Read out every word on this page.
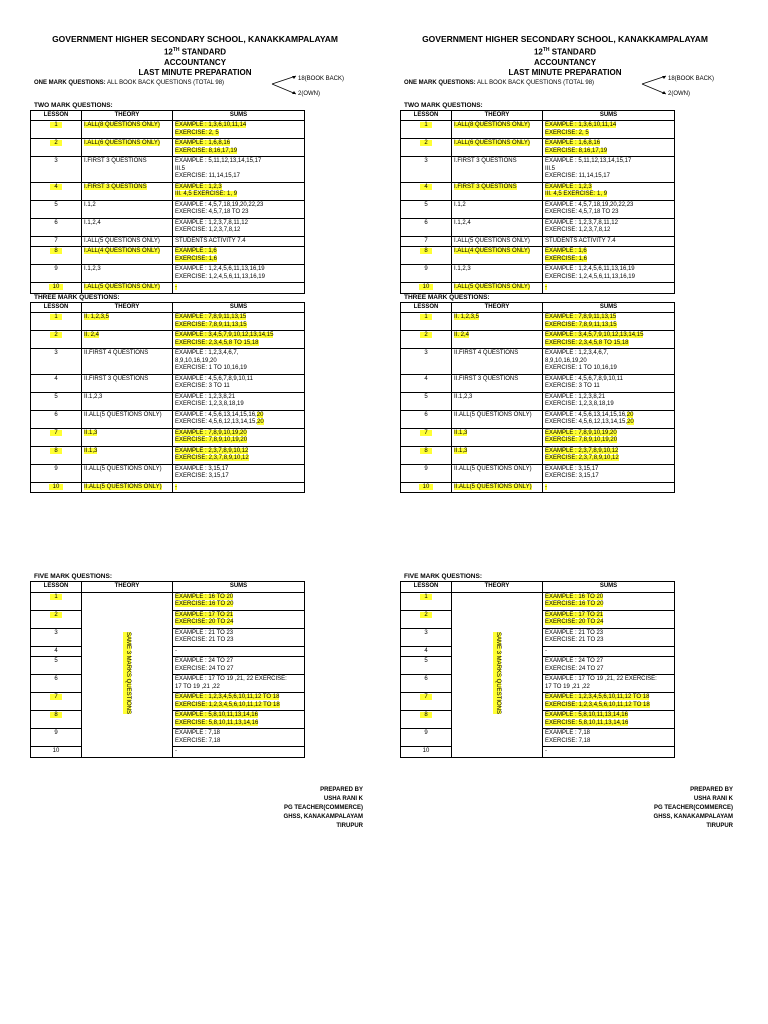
GOVERNMENT HIGHER SECONDARY SCHOOL, KANAKKAMPALAYAM
12TH STANDARD
ACCOUNTANCY
LAST MINUTE PREPARATION
ONE MARK QUESTIONS: ALL BOOK BACK QUESTIONS (TOTAL 98)
18(BOOK BACK)
2(OWN)
TWO MARK QUESTIONS:
LESSON	THEORY	SUMS
1	I.ALL(8 QUESTIONS ONLY)	EXAMPLE : 1,3,6,10,11,14
EXERCISE: 2, 5

2	I.ALL(6 QUESTIONS ONLY)	EXAMPLE : 1,6,8,16
EXERCISE: 8,16,17,19

3	I.FIRST 3 QUESTIONS	EXAMPLE : 5,11,12,13,14,15,17
III.5
EXERCISE: 11,14,15,17

4	I.FIRST 3 QUESTIONS	EXAMPLE : 1,2,3
III. 4,5 EXERCISE: 1, 9

5	I.1,2	EXAMPLE : 4,5,7,18,19,20,22,23
EXERCISE: 4,5,7,18 TO 23

6	I.1,2,4	EXAMPLE : 1,2,3,7,8,11,12
EXERCISE: 1,2,3,7,8,12

7	I.ALL(5 QUESTIONS ONLY)	STUDENTS ACTIVITY 7.4

8	I.ALL(4 QUESTIONS ONLY)	EXAMPLE : 1,6
EXERCISE: 1,6

9	I.1,2,3	EXAMPLE : 1,2,4,5,6,11,13,16,19
EXERCISE: 1,2,4,5,6,11,13,16,19

10	I.ALL(5 QUESTIONS ONLY)	-
THREE MARK QUESTIONS:
LESSON	THEORY	SUMS
1	II. 1,2,3,5	EXAMPLE : 7,8,9,11,13,15
EXERCISE: 7,8,9,11,13,15

2	II. 2,4	EXAMPLE : 3,4,5,7,9,10,12,13,14,15
EXERCISE: 2,3,4,5,8 TO 15,18

3	II.FIRST 4 QUESTIONS	EXAMPLE : 1,2,3,4,6,7,
8,9,10,16,19,20
EXERCISE: 1 TO 10,16,19

4	II.FIRST 3 QUESTIONS	EXAMPLE : 4,5,6,7,8,9,10,11
EXERCISE: 3 TO 11

5	II.1,2,3	EXAMPLE : 1,2,3,8,21
EXERCISE: 1,2,3,8,18,19

6	II.ALL(5 QUESTIONS ONLY)	EXAMPLE : 4,5,6,13,14,15,16,20
EXERCISE: 4,5,6,12,13,14,15,20

7	II.1,3	EXAMPLE : 7,8,9,10,19,20
EXERCISE: 7,8,9,10,19,20

8	II.1,3	EXAMPLE : 2,3,7,8,9,10,12
EXERCISE: 2,3,7,8,9,10,12

9	II.ALL(5 QUESTIONS ONLY)	EXAMPLE : 3,15,17
EXERCISE: 3,15,17

10	II.ALL(5 QUESTIONS ONLY)	-
FIVE MARK QUESTIONS:
LESSON	THEORY	SUMS
1	SAME 3 MARKS QUESTIONS	EXAMPLE : 16 TO 20
EXERCISE: 16 TO 20

2		EXAMPLE : 17 TO 21
EXERCISE: 20 TO 24

3		EXAMPLE : 21 TO 23
EXERCISE: 21 TO 23

4		-

5		EXAMPLE : 24 TO 27
EXERCISE: 24 TO 27

6		EXAMPLE : 17 TO 19 ,21, 22 EXERCISE:
17 TO 19 ,21 ,22

7		EXAMPLE : 1,2,3,4,5,6,10,11,12 TO 18
EXERCISE: 1,2,3,4,5,6,10,11,12 TO 18

8		EXAMPLE : 5,8,10,11,13,14,16
EXERCISE: 5,8,10,11,13,14,16

9		EXAMPLE : 7,18
EXERCISE: 7,18

10		-
PREPARED BY
USHA RANI K
PG TEACHER(COMMERCE)
GHSS, KANAKAMPALAYAM
TIRUPUR
GOVERNMENT HIGHER SECONDARY SCHOOL, KANAKKAMPALAYAM
12TH STANDARD
ACCOUNTANCY
LAST MINUTE PREPARATION
ONE MARK QUESTIONS: ALL BOOK BACK QUESTIONS (TOTAL 98)
18(BOOK BACK)
2(OWN)
TWO MARK QUESTIONS:
LESSON	THEORY	SUMS
1	I.ALL(8 QUESTIONS ONLY)	EXAMPLE : 1,3,6,10,11,14
EXERCISE: 2, 5

2	I.ALL(6 QUESTIONS ONLY)	EXAMPLE : 1,6,8,16
EXERCISE: 8,16,17,19

3	I.FIRST 3 QUESTIONS	EXAMPLE : 5,11,12,13,14,15,17
III.5
EXERCISE: 11,14,15,17

4	I.FIRST 3 QUESTIONS	EXAMPLE : 1,2,3
III. 4,5 EXERCISE: 1, 9

5	I.1,2	EXAMPLE : 4,5,7,18,19,20,22,23
EXERCISE: 4,5,7,18 TO 23

6	I.1,2,4	EXAMPLE : 1,2,3,7,8,11,12
EXERCISE: 1,2,3,7,8,12

7	I.ALL(5 QUESTIONS ONLY)	STUDENTS ACTIVITY 7.4

8	I.ALL(4 QUESTIONS ONLY)	EXAMPLE : 1,6
EXERCISE: 1,6

9	I.1,2,3	EXAMPLE : 1,2,4,5,6,11,13,16,19
EXERCISE: 1,2,4,5,6,11,13,16,19

10	I.ALL(5 QUESTIONS ONLY)	-
THREE MARK QUESTIONS:
LESSON	THEORY	SUMS
1	II. 1,2,3,5	EXAMPLE : 7,8,9,11,13,15
EXERCISE: 7,8,9,11,13,15

2	II. 2,4	EXAMPLE : 3,4,5,7,9,10,12,13,14,15
EXERCISE: 2,3,4,5,8 TO 15,18

3	II.FIRST 4 QUESTIONS	EXAMPLE : 1,2,3,4,6,7,
8,9,10,16,19,20
EXERCISE: 1 TO 10,16,19

4	II.FIRST 3 QUESTIONS	EXAMPLE : 4,5,6,7,8,9,10,11
EXERCISE: 3 TO 11

5	II.1,2,3	EXAMPLE : 1,2,3,8,21
EXERCISE: 1,2,3,8,18,19

6	II.ALL(5 QUESTIONS ONLY)	EXAMPLE : 4,5,6,13,14,15,16,20
EXERCISE: 4,5,6,12,13,14,15,20

7	II.1,3	EXAMPLE : 7,8,9,10,19,20
EXERCISE: 7,8,9,10,19,20

8	II.1,3	EXAMPLE : 2,3,7,8,9,10,12
EXERCISE: 2,3,7,8,9,10,12

9	II.ALL(5 QUESTIONS ONLY)	EXAMPLE : 3,15,17
EXERCISE: 3,15,17

10	II.ALL(5 QUESTIONS ONLY)	-
FIVE MARK QUESTIONS:
LESSON	THEORY	SUMS
1	SAME 3 MARKS QUESTIONS	EXAMPLE : 16 TO 20
EXERCISE: 16 TO 20

2		EXAMPLE : 17 TO 21
EXERCISE: 20 TO 24

3		EXAMPLE : 21 TO 23
EXERCISE: 21 TO 23

4		-

5		EXAMPLE : 24 TO 27
EXERCISE: 24 TO 27

6		EXAMPLE : 17 TO 19 ,21, 22 EXERCISE:
17 TO 19 ,21 ,22

7		EXAMPLE : 1,2,3,4,5,6,10,11,12 TO 18
EXERCISE: 1,2,3,4,5,6,10,11,12 TO 18

8		EXAMPLE : 5,8,10,11,13,14,16
EXERCISE: 5,8,10,11,13,14,16

9		EXAMPLE : 7,18
EXERCISE: 7,18

10		-
PREPARED BY
USHA RANI K
PG TEACHER(COMMERCE)
GHSS, KANAKAMPALAYAM
TIRUPUR
